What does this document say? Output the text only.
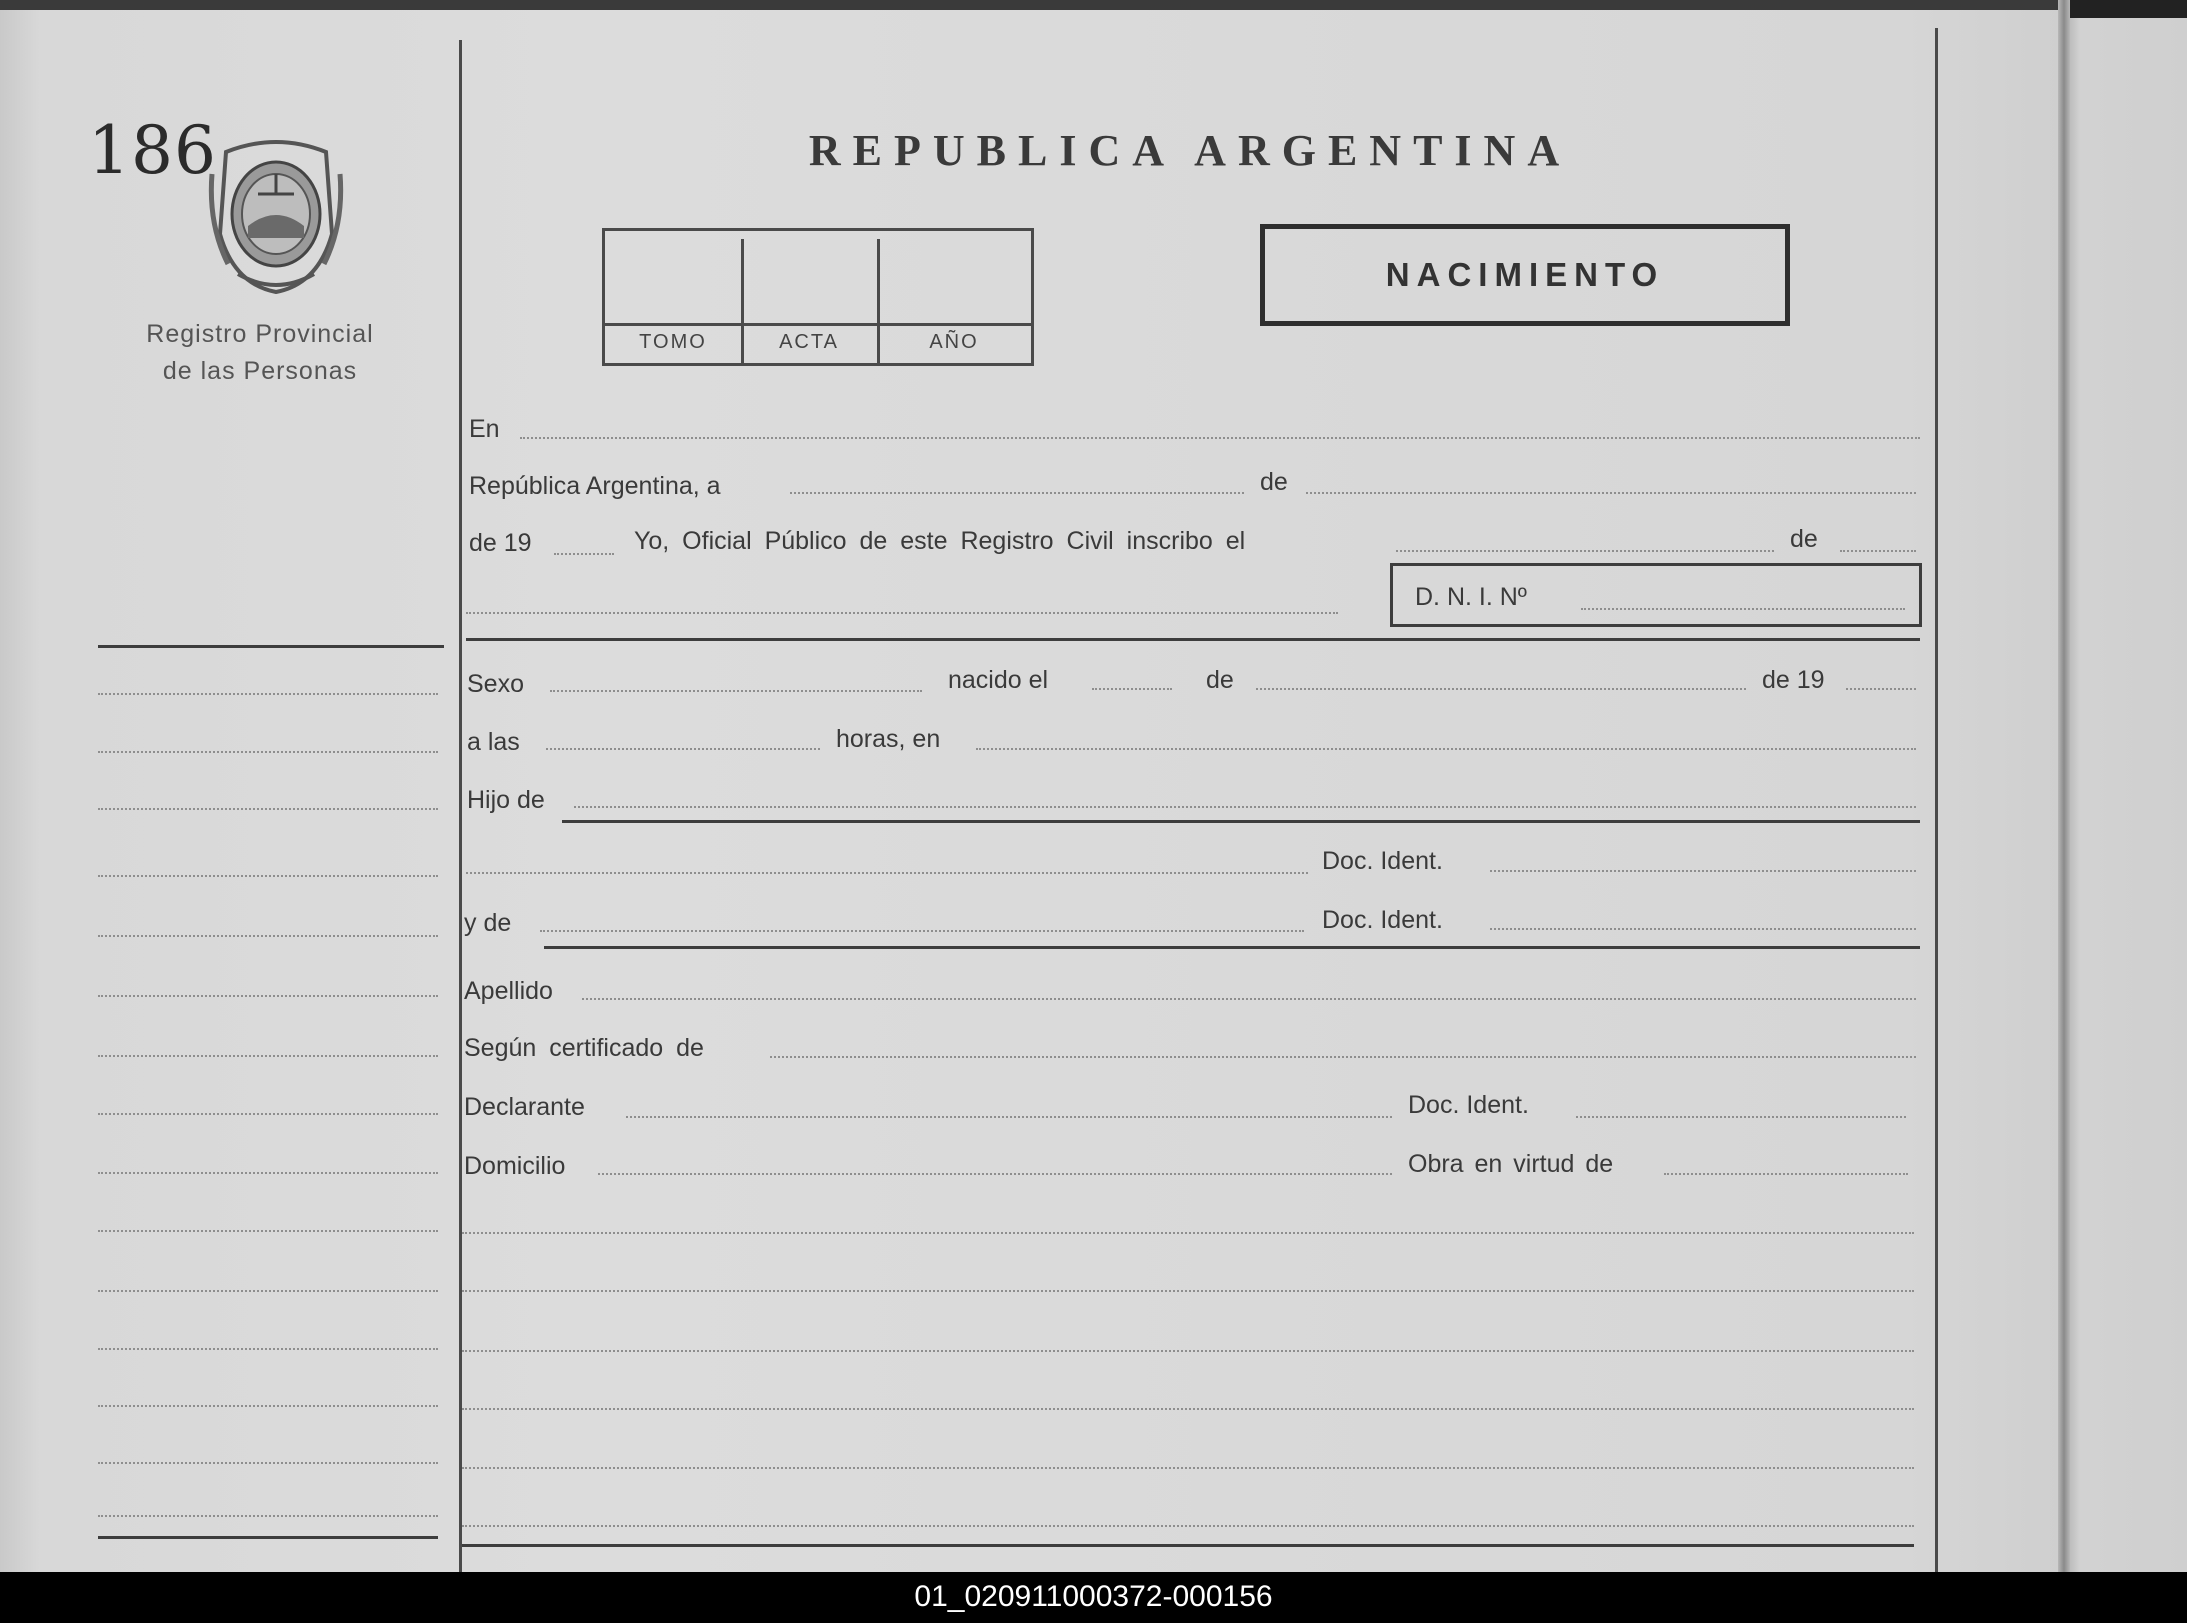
186
Registro Provincial
de las Personas
REPUBLICA ARGENTINA
TOMO	ACTA	AÑO
NACIMIENTO
En
República Argentina, a	de
de 19	Yo, Oficial Público de este Registro Civil inscribo el	de
D. N. I. Nº
Sexo	nacido el	de	de 19
a las	horas, en
Hijo de
Doc. Ident.
y de	Doc. Ident.
Apellido
Según certificado de
Declarante	Doc. Ident.
Domicilio	Obra en virtud de
01_020911000372-000156
